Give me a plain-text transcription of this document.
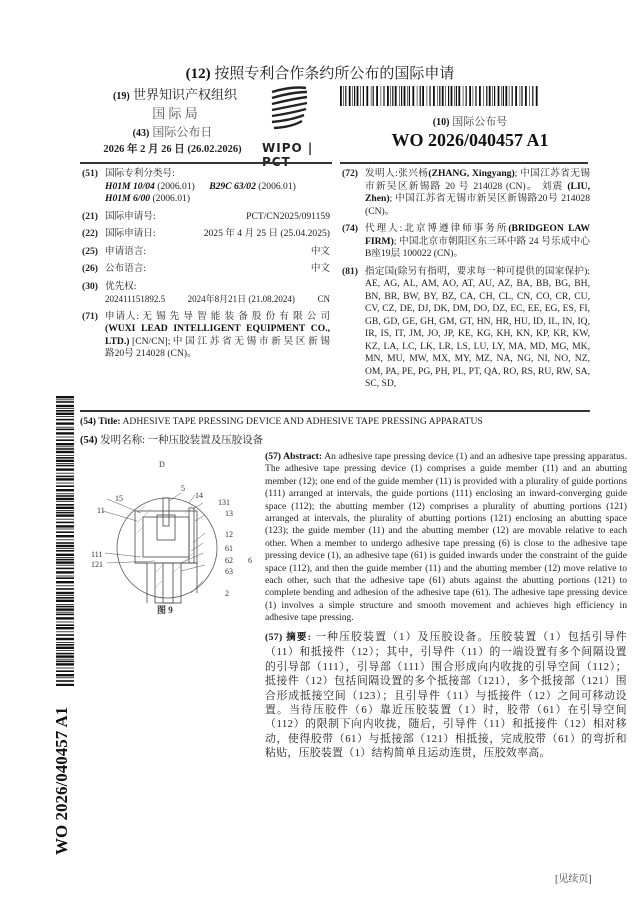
(12) 按照专利合作条约所公布的国际申请
(19) 世界知识产权组织
国 际 局
(43) 国际公布日
2026 年 2 月 26 日 (26.02.2026)	WIPO |
(10) 国际公布号
WO 2026/040457 A1
(51) 国际专利分类号:
H01M 10/04 (2006.01) B29C 63/02 (2006.01)
H01M 6/00 (2006.01)
(21) 国际申请号:	PCT/CN2025/091159
(22) 国际申请日:	2025 年 4 月 25 日 (25.04.2025)
(25) 申请语言:	中文
(26) 公布语言:	中文
(30) 优先权:
202411151892.5	2024年8月21日 (21.08.2024)	CN
(71) 申请人: 无 锡 先 导 智 能 装 备 股 份 有 限 公 司 (WUXI LEAD INTELLIGENT EQUIPMENT CO., LTD.) [CN/CN]; 中 国 江 苏 省 无 锡 市 新 吴 区 新 锡路20号 214028 (CN)。
(72) 发明人:张兴杨(ZHANG, Xingyang); 中国江苏省无锡市新吴区新锡路 20 号 214028 (CN)。 刘震 (LIU, Zhen); 中国江苏省无锡市新吴区新锡路20号 214028 (CN)。
(74) 代理人:北京博遵律师事务所(BRIDGEON LAW FIRM); 中国北京市朝阳区东三环中路 24 号乐成中心B座19层 100022 (CN)。
(81) 指定国(除另有指明，要求每一种可提供的国家保护): AE, AG, AL, AM, AO, AT, AU, AZ, BA, BB, BG, BH, BN, BR, BW, BY, BZ, CA, CH, CL, CN, CO, CR, CU, CV, CZ, DE, DJ, DK, DM, DO, DZ, EC, EE, EG, ES, FI, GB, GD, GE, GH, GM, GT, HN, HR, HU, ID, IL, IN, IQ, IR, IS, IT, JM, JO, JP, KE, KG, KH, KN, KP, KR, KW, KZ, LA, LC, LK, LR, LS, LU, LY, MA, MD, MG, MK, MN, MU, MW, MX, MY, MZ, NA, NG, NI, NO, NZ, OM, PA, PE, PG, PH, PL, PT, QA, RO, RS, RU, RW, SA, SC, SD,
(54) Title: ADHESIVE TAPE PRESSING DEVICE AND ADHESIVE TAPE PRESSING APPARATUS
(54) 发明名称: 一种压胶装置及压胶设备
D
5
14
15	131
11	13
12
61
111
62 6
121
63
2
图 9
(57) Abstract: An adhesive tape pressing device (1) and an adhesive tape pressing apparatus. The adhesive tape pressing device (1) comprises a guide member (11) and an abutting member (12); one end of the guide member (11) is provided with a plurality of guide portions (111) arranged at intervals, the guide portions (111) enclosing an inward-converging guide space (112); the abutting member (12) comprises a plurality of abutting portions (121) arranged at intervals, the plurality of abutting portions (121) enclosing an abutting space (123); the guide member (11) and the abutting member (12) are movable relative to each other. When a member to undergo adhesive tape pressing (6) is close to the adhesive tape pressing device (1), an adhesive tape (61) is guided inwards under the constraint of the guide space (112), and then the guide member (11) and the abutting member (12) move relative to each other, such that the adhesive tape (61) abuts against the abutting portions (121) to complete bending and adhesion of the adhesive tape (61). The adhesive tape pressing device (1) involves a simple structure and smooth movement and achieves high efficiency in adhesive tape pressing.
(57) 摘要: 一种压胶装置（1）及压胶设备。压胶装置（1）包括引导件（11）和抵接件（12）；其中，引导件（11）的一端设置有多个间隔设置的引导部（111），引导部（111）围合形成向内收拢的引导空间（112）；抵接件（12）包括间隔设置的多个抵接部（121），多个抵接部（121）围合形成抵接空间（123）；且引导件（11）与抵接件（12）之间可移动设置。当待压胶件（6）靠近压胶装置（1）时，胶带（61）在引导空间（112）的限制下向内收拢，随后，引导件（11）和抵接件（12）相对移动，使得胶带（61）与抵接部（121）相抵接，完成胶带（61）的弯折和粘贴，压胶装置（1）结构简单且运动连贯，压胶效率高。
WO 2026/040457 A1
[见续页]
